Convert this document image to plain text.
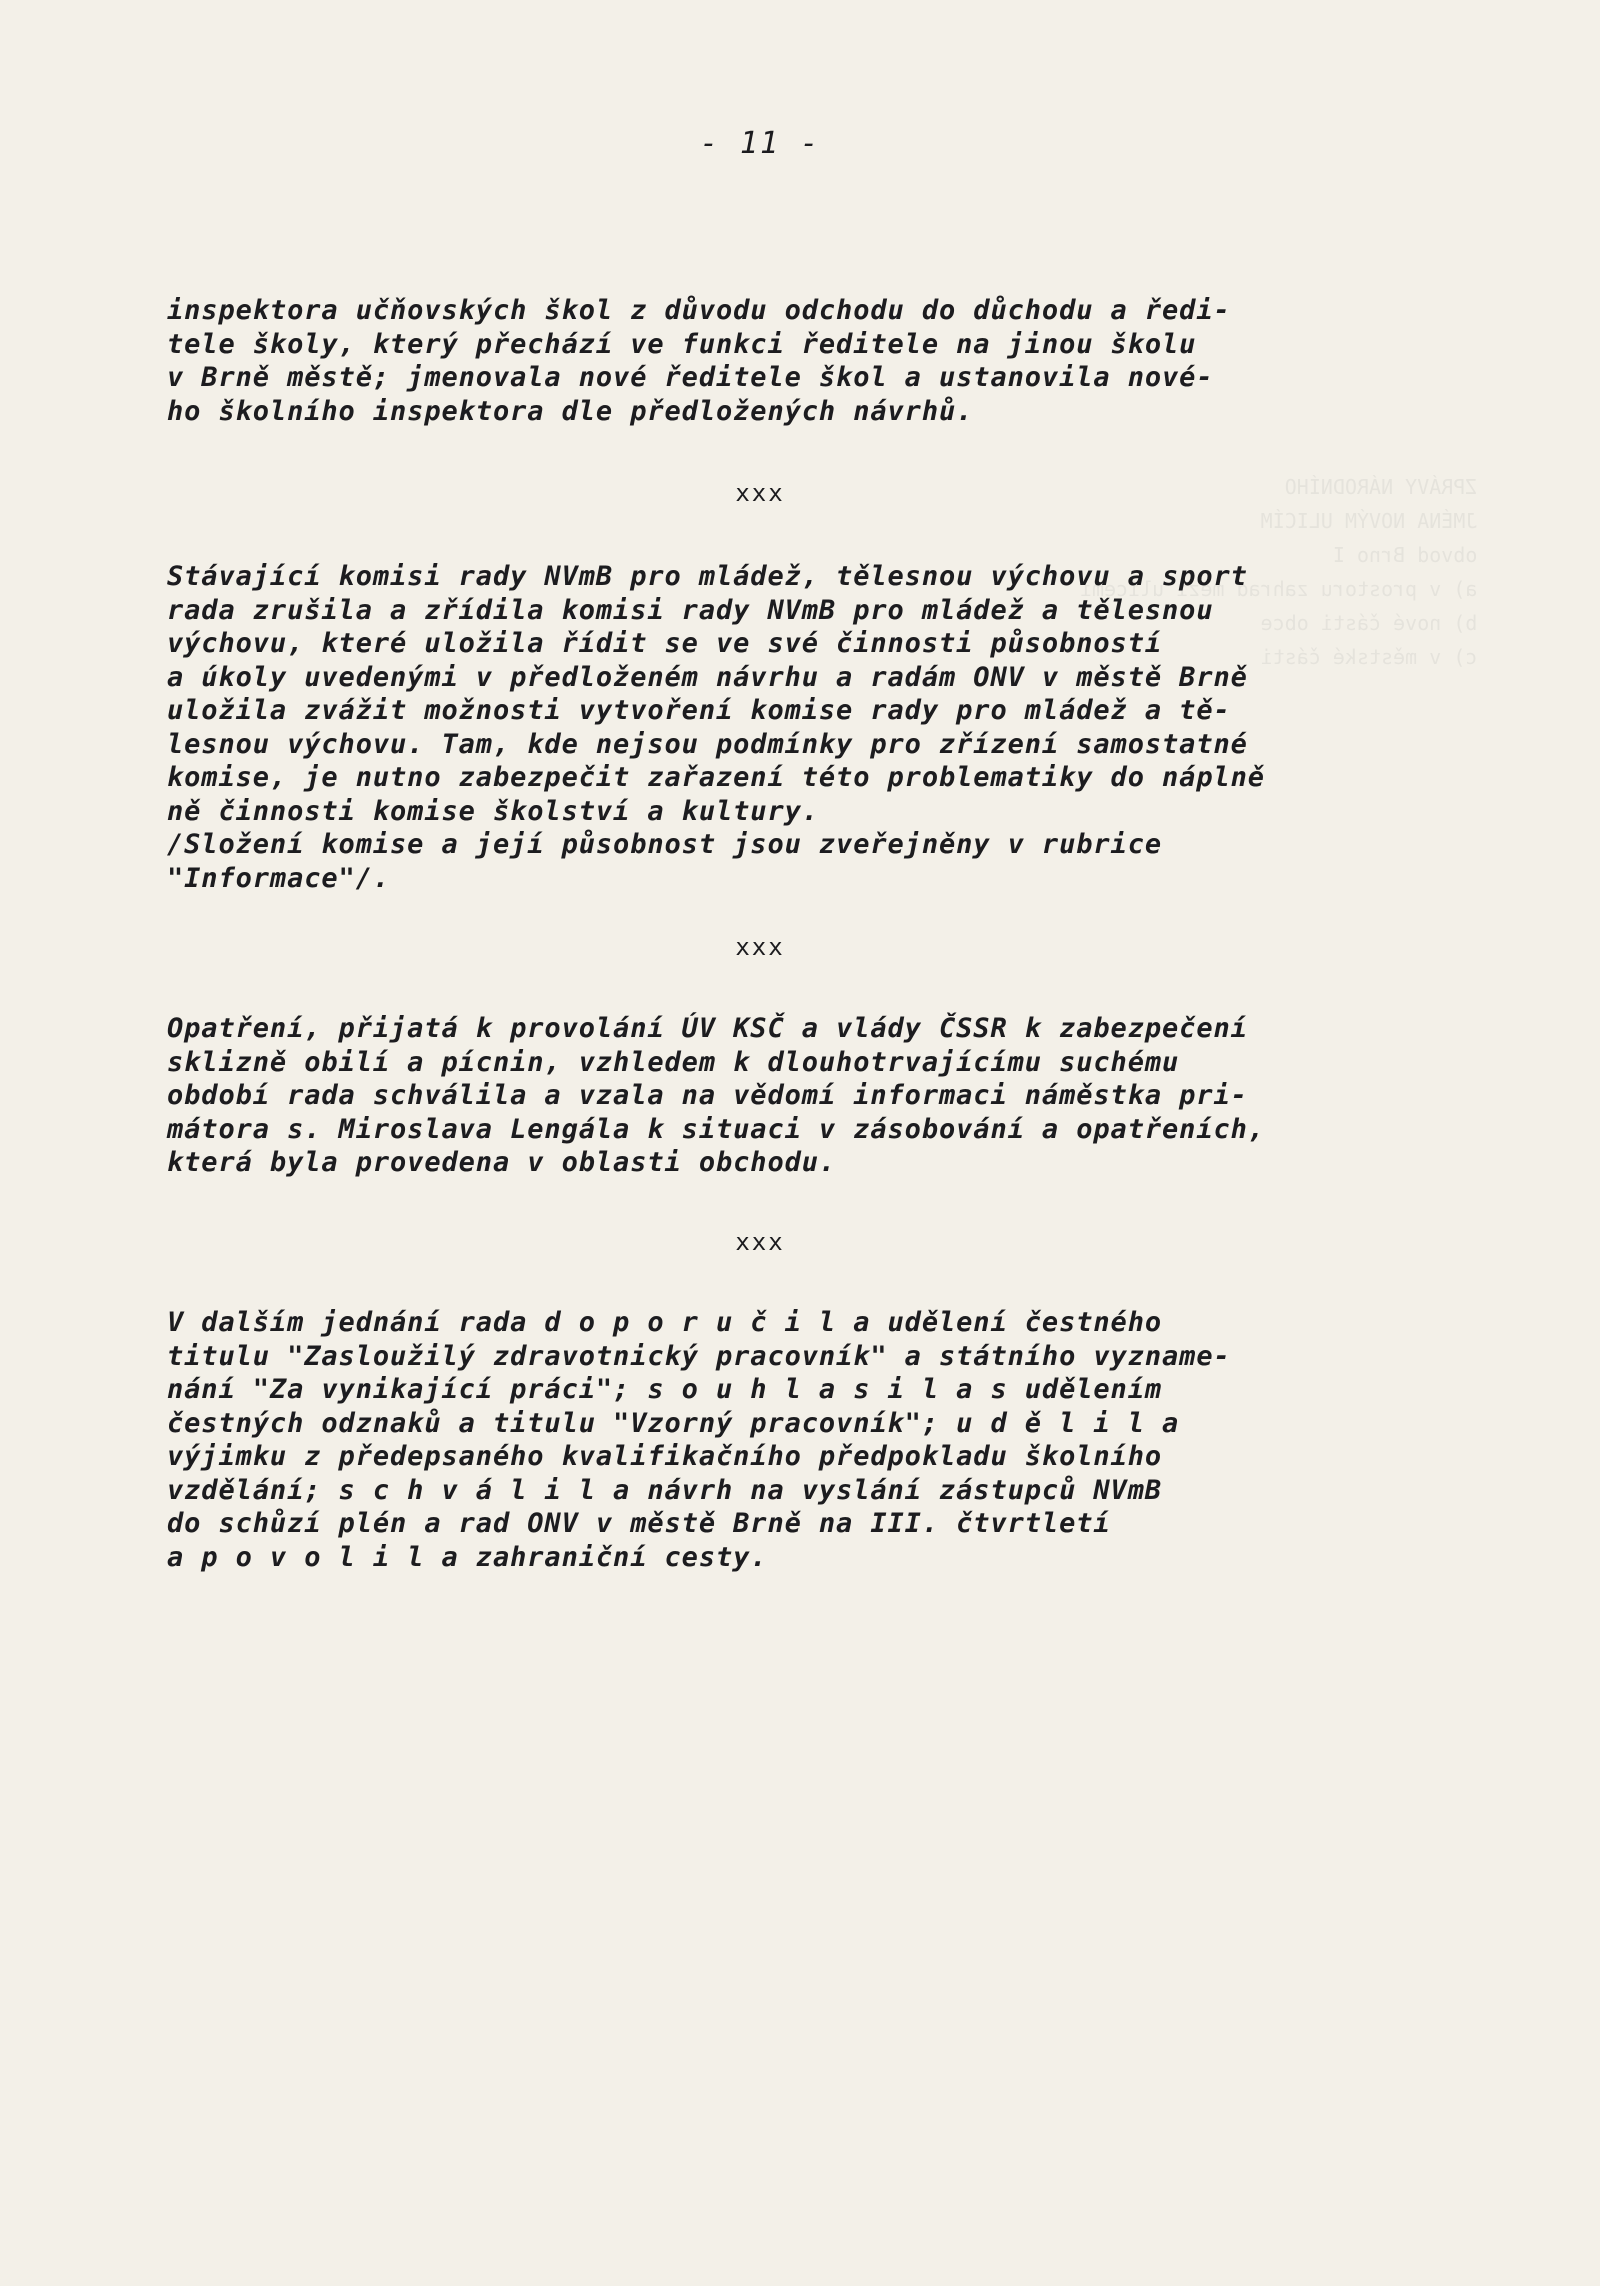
ZPRÁVY NÁRODNÍHO
JMÉNA NOVÝM ULICÍM
obvod Brno I
a) v prostoru zahrad mezi ulicemi
b) nové části obce
c) v městské části
- 11 -
inspektora učňovských škol z důvodu odchodu do důchodu a ředi-
tele školy, který přechází ve funkci ředitele na jinou školu
v Brně městě; jmenovala nové ředitele škol a ustanovila nové-
ho školního inspektora dle předložených návrhů.
xxx
Stávající komisi rady NVmB pro mládež, tělesnou výchovu a sport
rada zrušila a zřídila komisi rady NVmB pro mládež a tělesnou
výchovu, které uložila řídit se ve své činnosti působností
a úkoly uvedenými v předloženém návrhu a radám ONV v městě Brně
uložila zvážit možnosti vytvoření komise rady pro mládež a tě-
lesnou výchovu. Tam, kde nejsou podmínky pro zřízení samostatné
komise, je nutno zabezpečit zařazení této problematiky do náplně
ně činnosti komise školství a kultury.
/Složení komise a její působnost jsou zveřejněny v rubrice
"Informace"/.
xxx
Opatření, přijatá k provolání ÚV KSČ a vlády ČSSR k zabezpečení
sklizně obilí a pícnin, vzhledem k dlouhotrvajícímu suchému
období rada schválila a vzala na vědomí informaci náměstka pri-
mátora s. Miroslava Lengála k situaci v zásobování a opatřeních,
která byla provedena v oblasti obchodu.
xxx
V dalším jednání rada d o p o r u č i l a udělení čestného
titulu "Zasloužilý zdravotnický pracovník" a státního vyzname-
nání "Za vynikající práci"; s o u h l a s i l a s udělením
čestných odznaků a titulu "Vzorný pracovník"; u d ě l i l a
výjimku z předepsaného kvalifikačního předpokladu školního
vzdělání; s c h v á l i l a návrh na vyslání zástupců NVmB
do schůzí plén a rad ONV v městě Brně na III. čtvrtletí
a p o v o l i l a zahraniční cesty.
